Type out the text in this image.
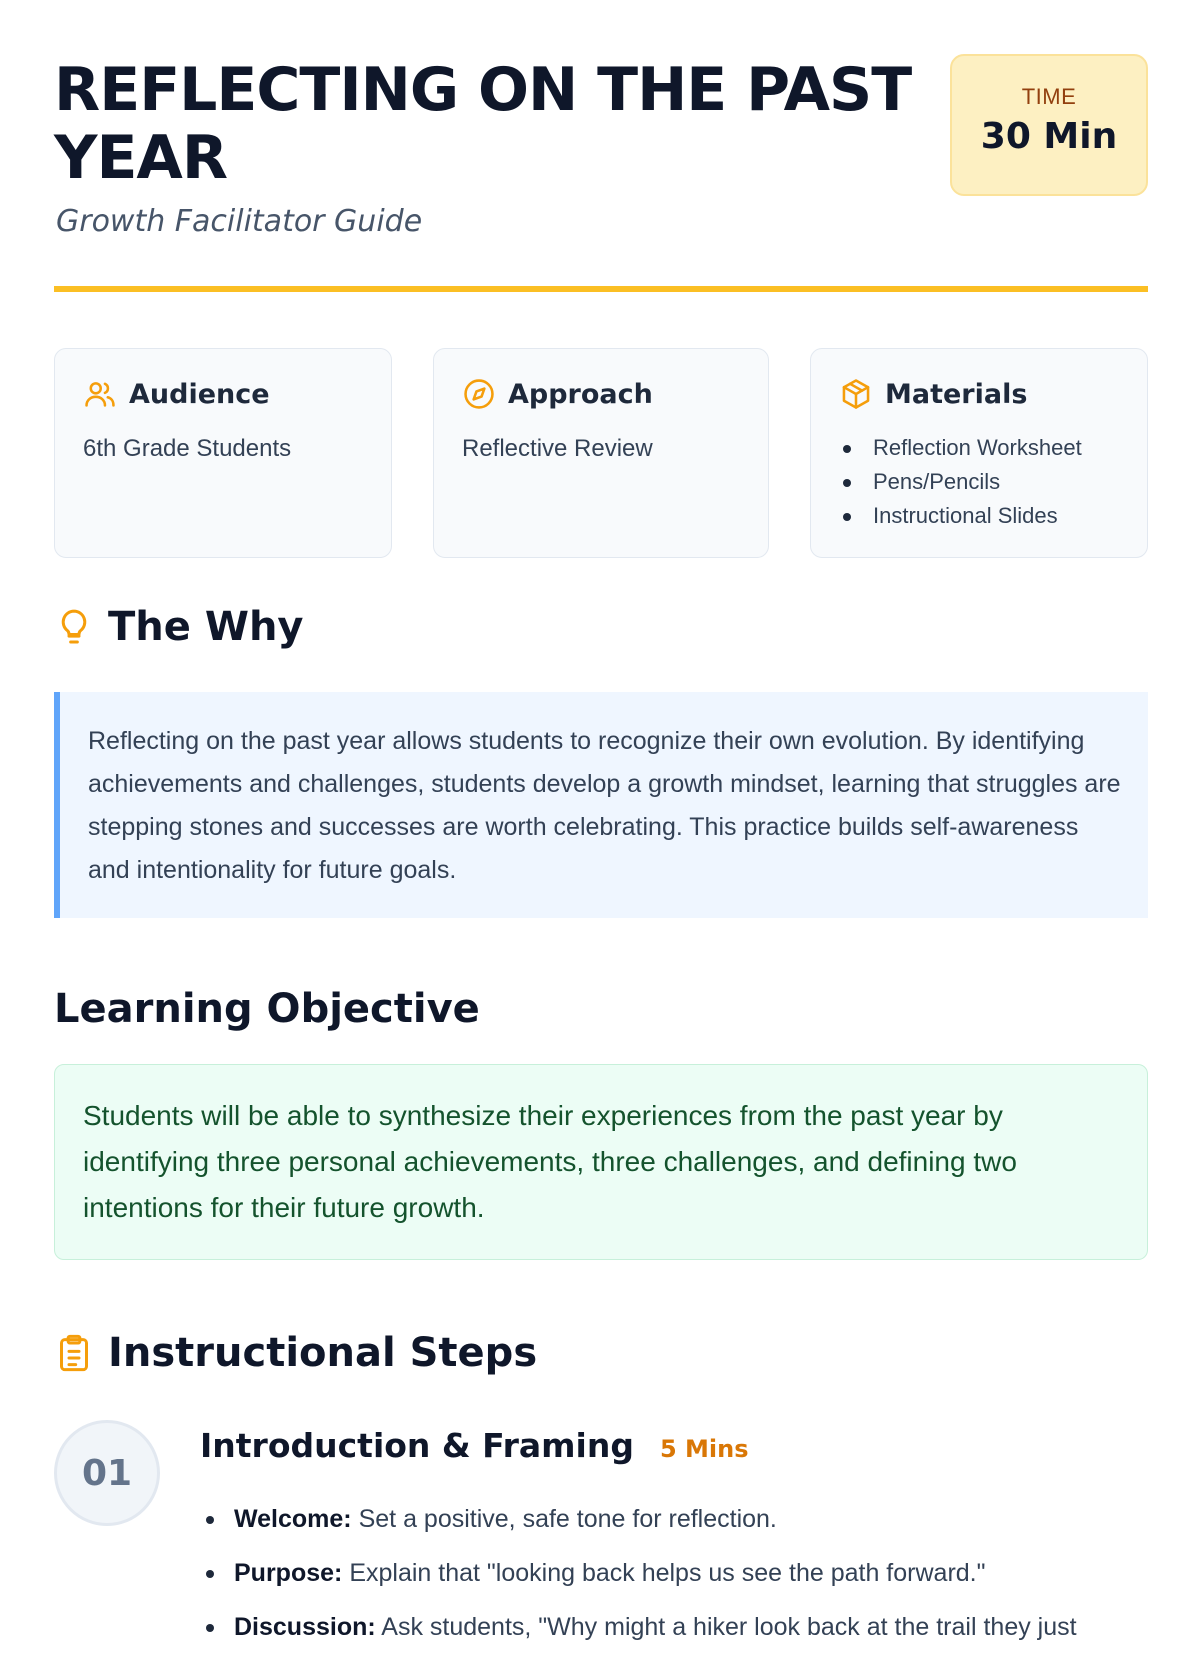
REFLECTING ON THE PAST YEAR
Growth Facilitator Guide
TIME
30 Min
Audience
6th Grade Students
Approach
Reflective Review
Materials
Reflection Worksheet
Pens/Pencils
Instructional Slides
The Why

Reflecting on the past year allows students to recognize their own evolution. By identifying achievements and challenges, students develop a growth mindset, learning that struggles are stepping stones and successes are worth celebrating. This practice builds self-awareness and intentionality for future goals.

Learning Objective

Students will be able to synthesize their experiences from the past year by identifying three personal achievements, three challenges, and defining two intentions for their future growth.

Instructional Steps
01
Introduction & Framing 5 Mins
Welcome: Set a positive, safe tone for reflection.
Purpose: Explain that "looking back helps us see the path forward."
Discussion: Ask students, "Why might a hiker look back at the trail they just
